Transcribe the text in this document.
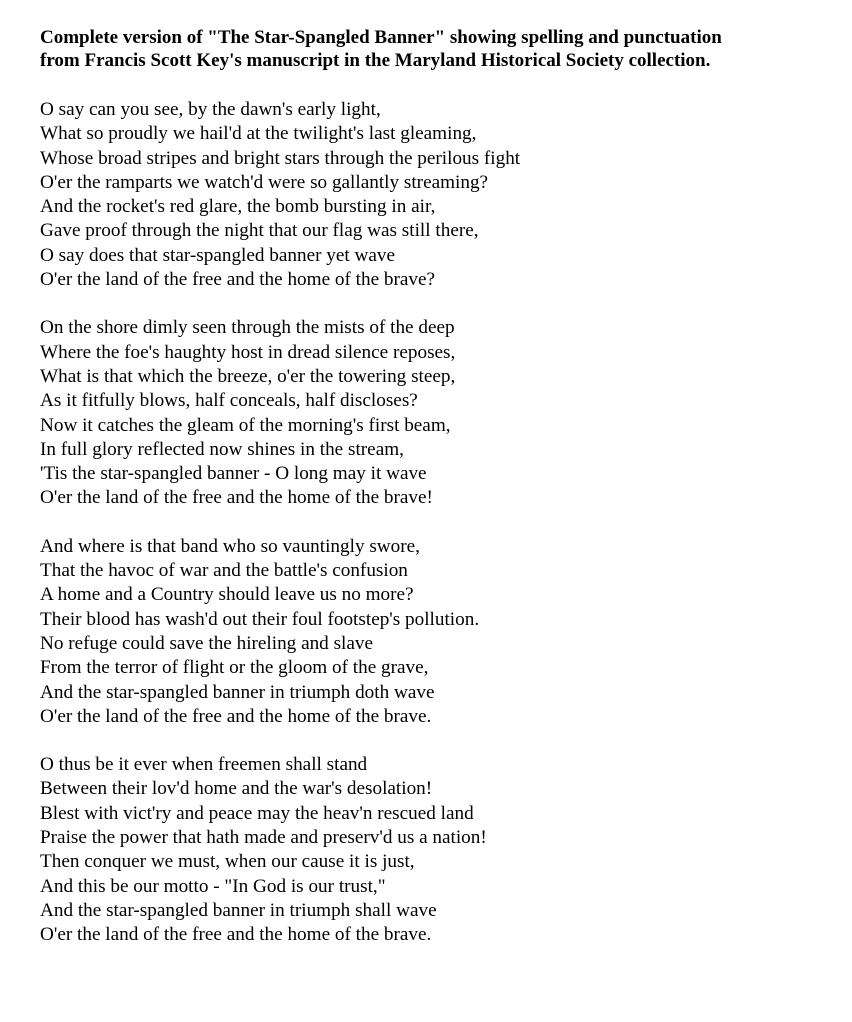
Complete version of "The Star-Spangled Banner" showing spelling and punctuation
from Francis Scott Key's manuscript in the Maryland Historical Society collection.
O say can you see, by the dawn's early light,
What so proudly we hail'd at the twilight's last gleaming,
Whose broad stripes and bright stars through the perilous fight
O'er the ramparts we watch'd were so gallantly streaming?
And the rocket's red glare, the bomb bursting in air,
Gave proof through the night that our flag was still there,
O say does that star-spangled banner yet wave
O'er the land of the free and the home of the brave?
On the shore dimly seen through the mists of the deep
Where the foe's haughty host in dread silence reposes,
What is that which the breeze, o'er the towering steep,
As it fitfully blows, half conceals, half discloses?
Now it catches the gleam of the morning's first beam,
In full glory reflected now shines in the stream,
'Tis the star-spangled banner - O long may it wave
O'er the land of the free and the home of the brave!
And where is that band who so vauntingly swore,
That the havoc of war and the battle's confusion
A home and a Country should leave us no more?
Their blood has wash'd out their foul footstep's pollution.
No refuge could save the hireling and slave
From the terror of flight or the gloom of the grave,
And the star-spangled banner in triumph doth wave
O'er the land of the free and the home of the brave.
O thus be it ever when freemen shall stand
Between their lov'd home and the war's desolation!
Blest with vict'ry and peace may the heav'n rescued land
Praise the power that hath made and preserv'd us a nation!
Then conquer we must, when our cause it is just,
And this be our motto - "In God is our trust,"
And the star-spangled banner in triumph shall wave
O'er the land of the free and the home of the brave.
